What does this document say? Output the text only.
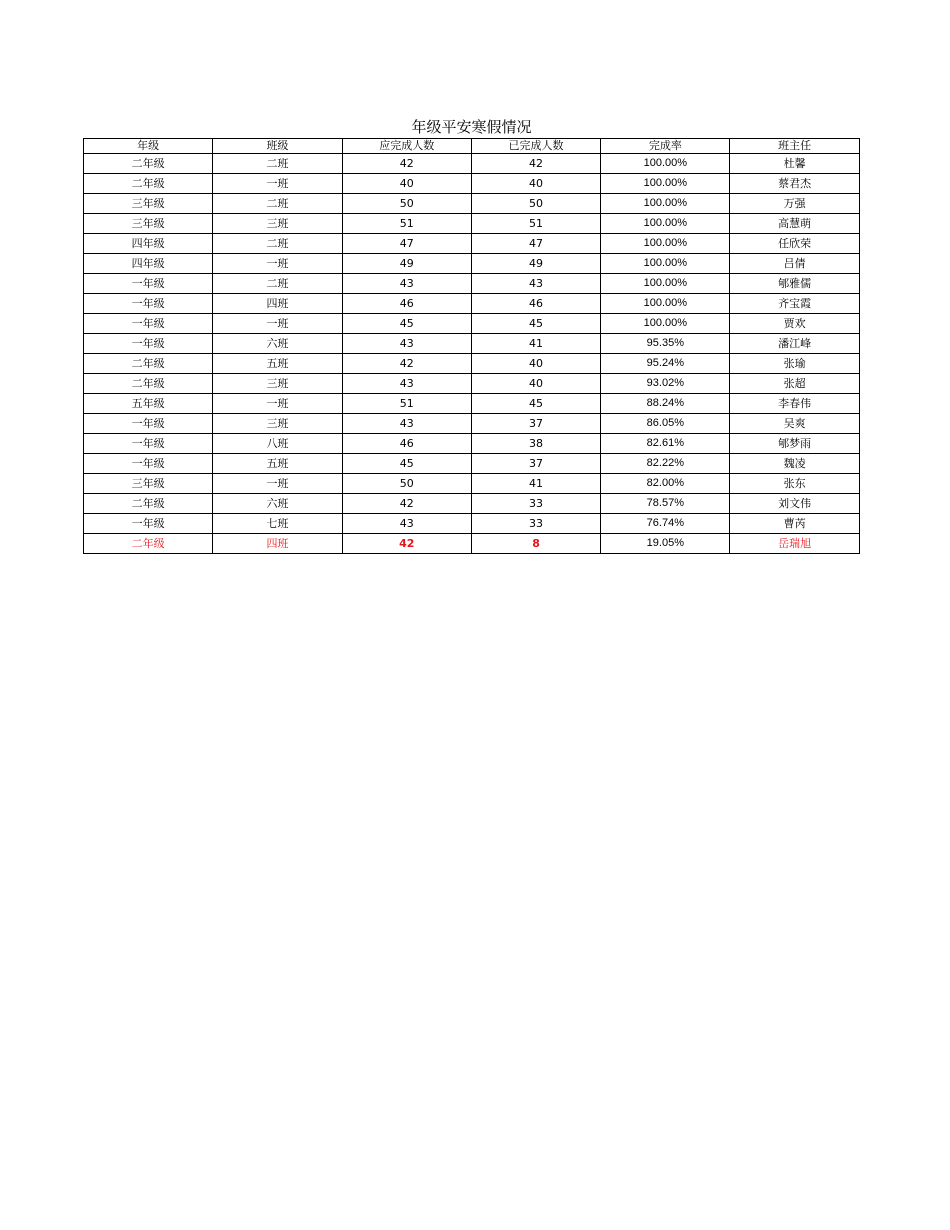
年级平安寒假情况
年级	班级	应完成人数	已完成人数	完成率	班主任
二年级	二班	42	42	100.00%	杜馨
二年级	一班	40	40	100.00%	蔡君杰
三年级	二班	50	50	100.00%	万强
三年级	三班	51	51	100.00%	高慧萌
四年级	二班	47	47	100.00%	任欣荣
四年级	一班	49	49	100.00%	吕倩
一年级	二班	43	43	100.00%	郇雅儒
一年级	四班	46	46	100.00%	齐宝霞
一年级	一班	45	45	100.00%	贾欢
一年级	六班	43	41	95.35%	潘江峰
二年级	五班	42	40	95.24%	张瑜
二年级	三班	43	40	93.02%	张超
五年级	一班	51	45	88.24%	李春伟
一年级	三班	43	37	86.05%	吴爽
一年级	八班	46	38	82.61%	郇梦雨
一年级	五班	45	37	82.22%	魏凌
三年级	一班	50	41	82.00%	张东
二年级	六班	42	33	78.57%	刘文伟
一年级	七班	43	33	76.74%	曹芮
二年级	四班	42	8	19.05%	岳瑞旭
